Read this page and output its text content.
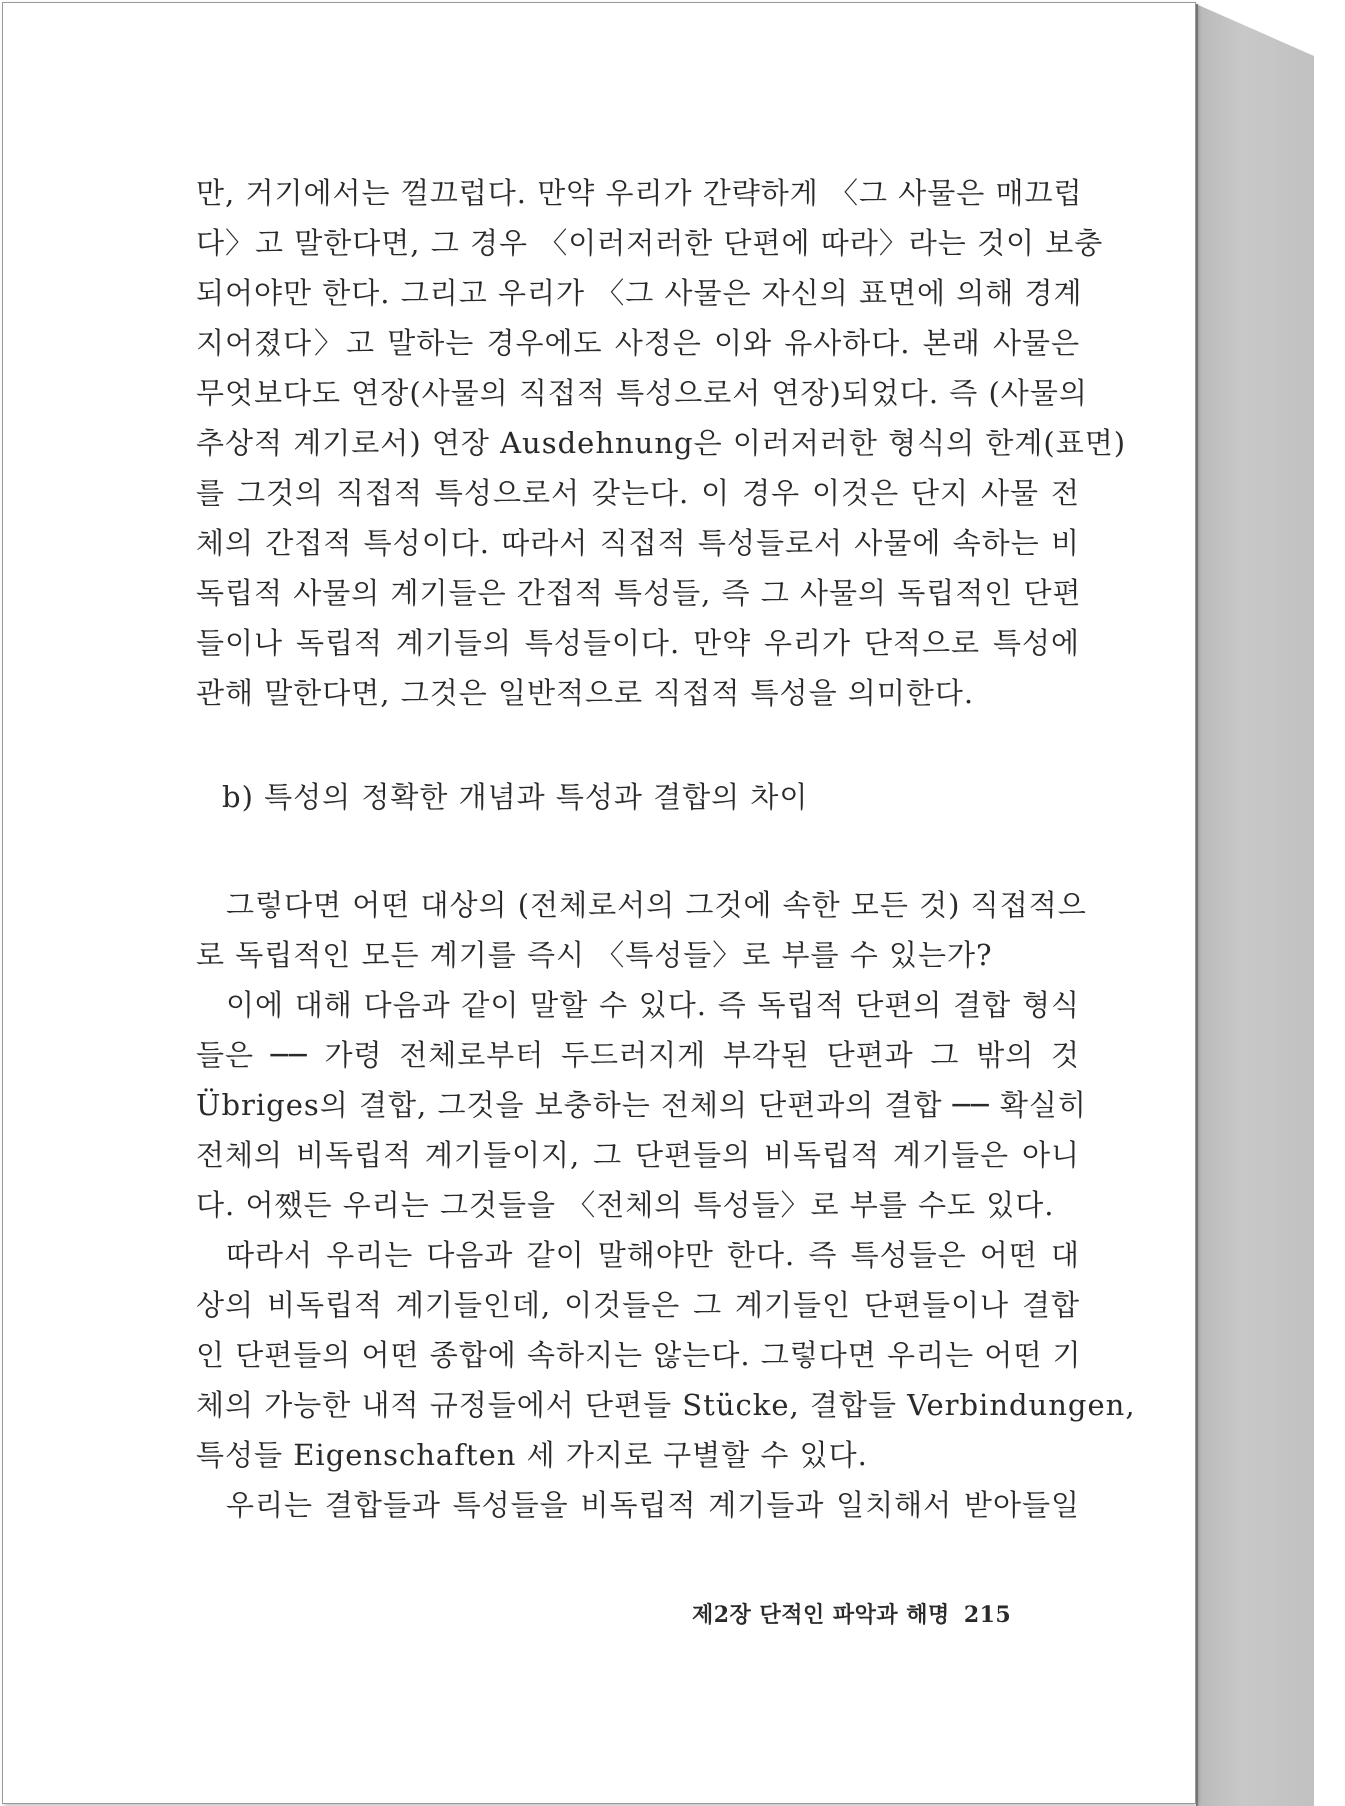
만, 거기에서는 껄끄럽다. 만약 우리가 간략하게 〈그 사물은 매끄럽
다〉고 말한다면, 그 경우 〈이러저러한 단편에 따라〉라는 것이 보충
되어야만 한다. 그리고 우리가 〈그 사물은 자신의 표면에 의해 경계
지어졌다〉고 말하는 경우에도 사정은 이와 유사하다. 본래 사물은
무엇보다도 연장(사물의 직접적 특성으로서 연장)되었다. 즉 (사물의
추상적 계기로서) 연장 Ausdehnung은 이러저러한 형식의 한계(표면)
를 그것의 직접적 특성으로서 갖는다. 이 경우 이것은 단지 사물 전
체의 간접적 특성이다. 따라서 직접적 특성들로서 사물에 속하는 비
독립적 사물의 계기들은 간접적 특성들, 즉 그 사물의 독립적인 단편
들이나 독립적 계기들의 특성들이다. 만약 우리가 단적으로 특성에
관해 말한다면, 그것은 일반적으로 직접적 특성을 의미한다.
b) 특성의 정확한 개념과 특성과 결합의 차이
그렇다면 어떤 대상의 (전체로서의 그것에 속한 모든 것) 직접적으
로 독립적인 모든 계기를 즉시 〈특성들〉로 부를 수 있는가?
이에 대해 다음과 같이 말할 수 있다. 즉 독립적 단편의 결합 형식
들은 ── 가령 전체로부터 두드러지게 부각된 단편과 그 밖의 것
Übriges의 결합, 그것을 보충하는 전체의 단편과의 결합 ── 확실히
전체의 비독립적 계기들이지, 그 단편들의 비독립적 계기들은 아니
다. 어쨌든 우리는 그것들을 〈전체의 특성들〉로 부를 수도 있다.
따라서 우리는 다음과 같이 말해야만 한다. 즉 특성들은 어떤 대
상의 비독립적 계기들인데, 이것들은 그 계기들인 단편들이나 결합
인 단편들의 어떤 종합에 속하지는 않는다. 그렇다면 우리는 어떤 기
체의 가능한 내적 규정들에서 단편들 Stücke, 결합들 Verbindungen,
특성들 Eigenschaften 세 가지로 구별할 수 있다.
우리는 결합들과 특성들을 비독립적 계기들과 일치해서 받아들일
제2장 단적인 파악과 해명 215
